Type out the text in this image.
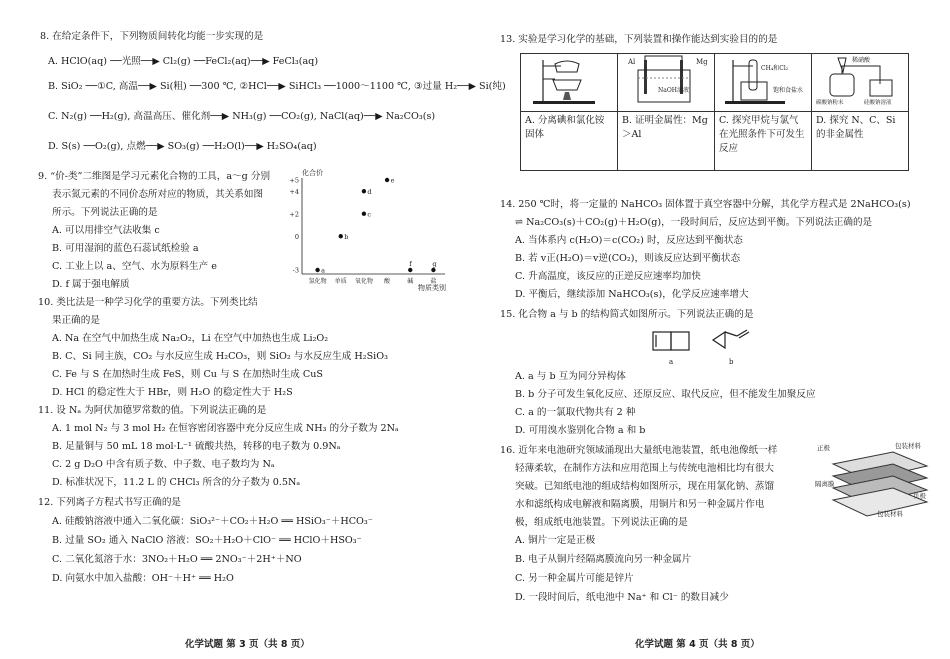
8. 在给定条件下，下列物质间转化均能一步实现的是
A. HClO(aq) ──光照──▶ Cl₂(g) ──FeCl₂(aq)──▶ FeCl₃(aq)
B. SiO₂ ──①C, 高温──▶ Si(粗) ──300 ℃, ②HCl──▶ SiHCl₃ ──1000～1100 ℃, ③过量 H₂──▶ Si(纯)
C. N₂(g) ──H₂(g), 高温高压、催化剂──▶ NH₃(g) ──CO₂(g), NaCl(aq)──▶ Na₂CO₃(s)
D. S(s) ──O₂(g), 点燃──▶ SO₃(g) ──H₂O(l)──▶ H₂SO₄(aq)
9. “价-类”二维图是学习元素化合物的工具，a～g 分别
表示氮元素的不同价态所对应的物质，其关系如图
所示。下列说法正确的是
A. 可以用排空气法收集 c
B. 可用湿润的蓝色石蕊试纸检验 a
C. 工业上以 a、空气、水为原料生产 e
D. f 属于强电解质
化合价
物质类别
-3
0
+2
+4
+5
氢化物 单质 氧化物 酸	碱	盐
a
b
c
d
e
f	g
10. 类比法是一种学习化学的重要方法。下列类比结
果正确的是
A. Na 在空气中加热生成 Na₂O₂，Li 在空气中加热也生成 Li₂O₂
B. C、Si 同主族，CO₂ 与水反应生成 H₂CO₃，则 SiO₂ 与水反应生成 H₂SiO₃
C. Fe 与 S 在加热时生成 FeS，则 Cu 与 S 在加热时生成 CuS
D. HCl 的稳定性大于 HBr，则 H₂O 的稳定性大于 H₂S
11. 设 Nₐ 为阿伏加德罗常数的值。下列说法正确的是
A. 1 mol N₂ 与 3 mol H₂ 在恒容密闭容器中充分反应生成 NH₃ 的分子数为 2Nₐ
B. 足量铜与 50 mL 18 mol·L⁻¹ 硫酸共热，转移的电子数为 0.9Nₐ
C. 2 g D₂O 中含有质子数、中子数、电子数均为 Nₐ
D. 标准状况下，11.2 L 的 CHCl₃ 所含的分子数为 0.5Nₐ
12. 下列离子方程式书写正确的是
A. 硅酸钠溶液中通入二氧化碳：SiO₃²⁻＋CO₂＋H₂O ══ HSiO₃⁻＋HCO₃⁻
B. 过量 SO₂ 通入 NaClO 溶液：SO₂＋H₂O＋ClO⁻ ══ HClO＋HSO₃⁻
C. 二氧化氮溶于水：3NO₂＋H₂O ══ 2NO₃⁻＋2H⁺＋NO
D. 向氨水中加入盐酸：OH⁻＋H⁺ ══ H₂O
化学试题 第 3 页（共 8 页）
13. 实验是学习化学的基础，下列装置和操作能达到实验目的的是

Al Mg
NaOH溶液	CH₄和Cl₂
饱和食盐水	稀硝酸
碳酸钠粉末 硅酸钠溶液

A. 分离碘和氯化铵固体	B. 证明金属性：Mg ＞Al	C. 探究甲烷与氯气在光照条件下可发生反应	D. 探究 N、C、Si 的非金属性
14. 250 ℃时，将一定量的 NaHCO₃ 固体置于真空容器中分解，其化学方程式是 2NaHCO₃(s)
⇌ Na₂CO₃(s)＋CO₂(g)＋H₂O(g)，一段时间后，反应达到平衡。下列说法正确的是
A. 当体系内 c(H₂O)＝c(CO₂) 时，反应达到平衡状态
B. 若 v正(H₂O)＝v逆(CO₂)，则该反应达到平衡状态
C. 升高温度，该反应的正逆反应速率均加快
D. 平衡后，继续添加 NaHCO₃(s)，化学反应速率增大
15. 化合物 a 与 b 的结构简式如图所示。下列说法正确的是
a	b
A. a 与 b 互为同分异构体
B. b 分子可发生氧化反应、还原反应、取代反应，但不能发生加聚反应
C. a 的一氯取代物共有 2 种
D. 可用溴水鉴别化合物 a 和 b
16. 近年来电池研究领域涌现出大量纸电池装置，纸电池像纸一样
轻薄柔软，在制作方法和应用范围上与传统电池相比均有很大
突破。已知纸电池的组成结构如图所示，现在用氯化钠、蒸馏
水和滤纸构成电解液和隔离膜，用铜片和另一种金属片作电
极，组成纸电池装置。下列说法正确的是
正极	包装材料
隔离膜
负极
包装材料
A. 铜片一定是正极
B. 电子从铜片经隔离膜流向另一种金属片
C. 另一种金属片可能是锌片
D. 一段时间后，纸电池中 Na⁺ 和 Cl⁻ 的数目减少
化学试题 第 4 页（共 8 页）
